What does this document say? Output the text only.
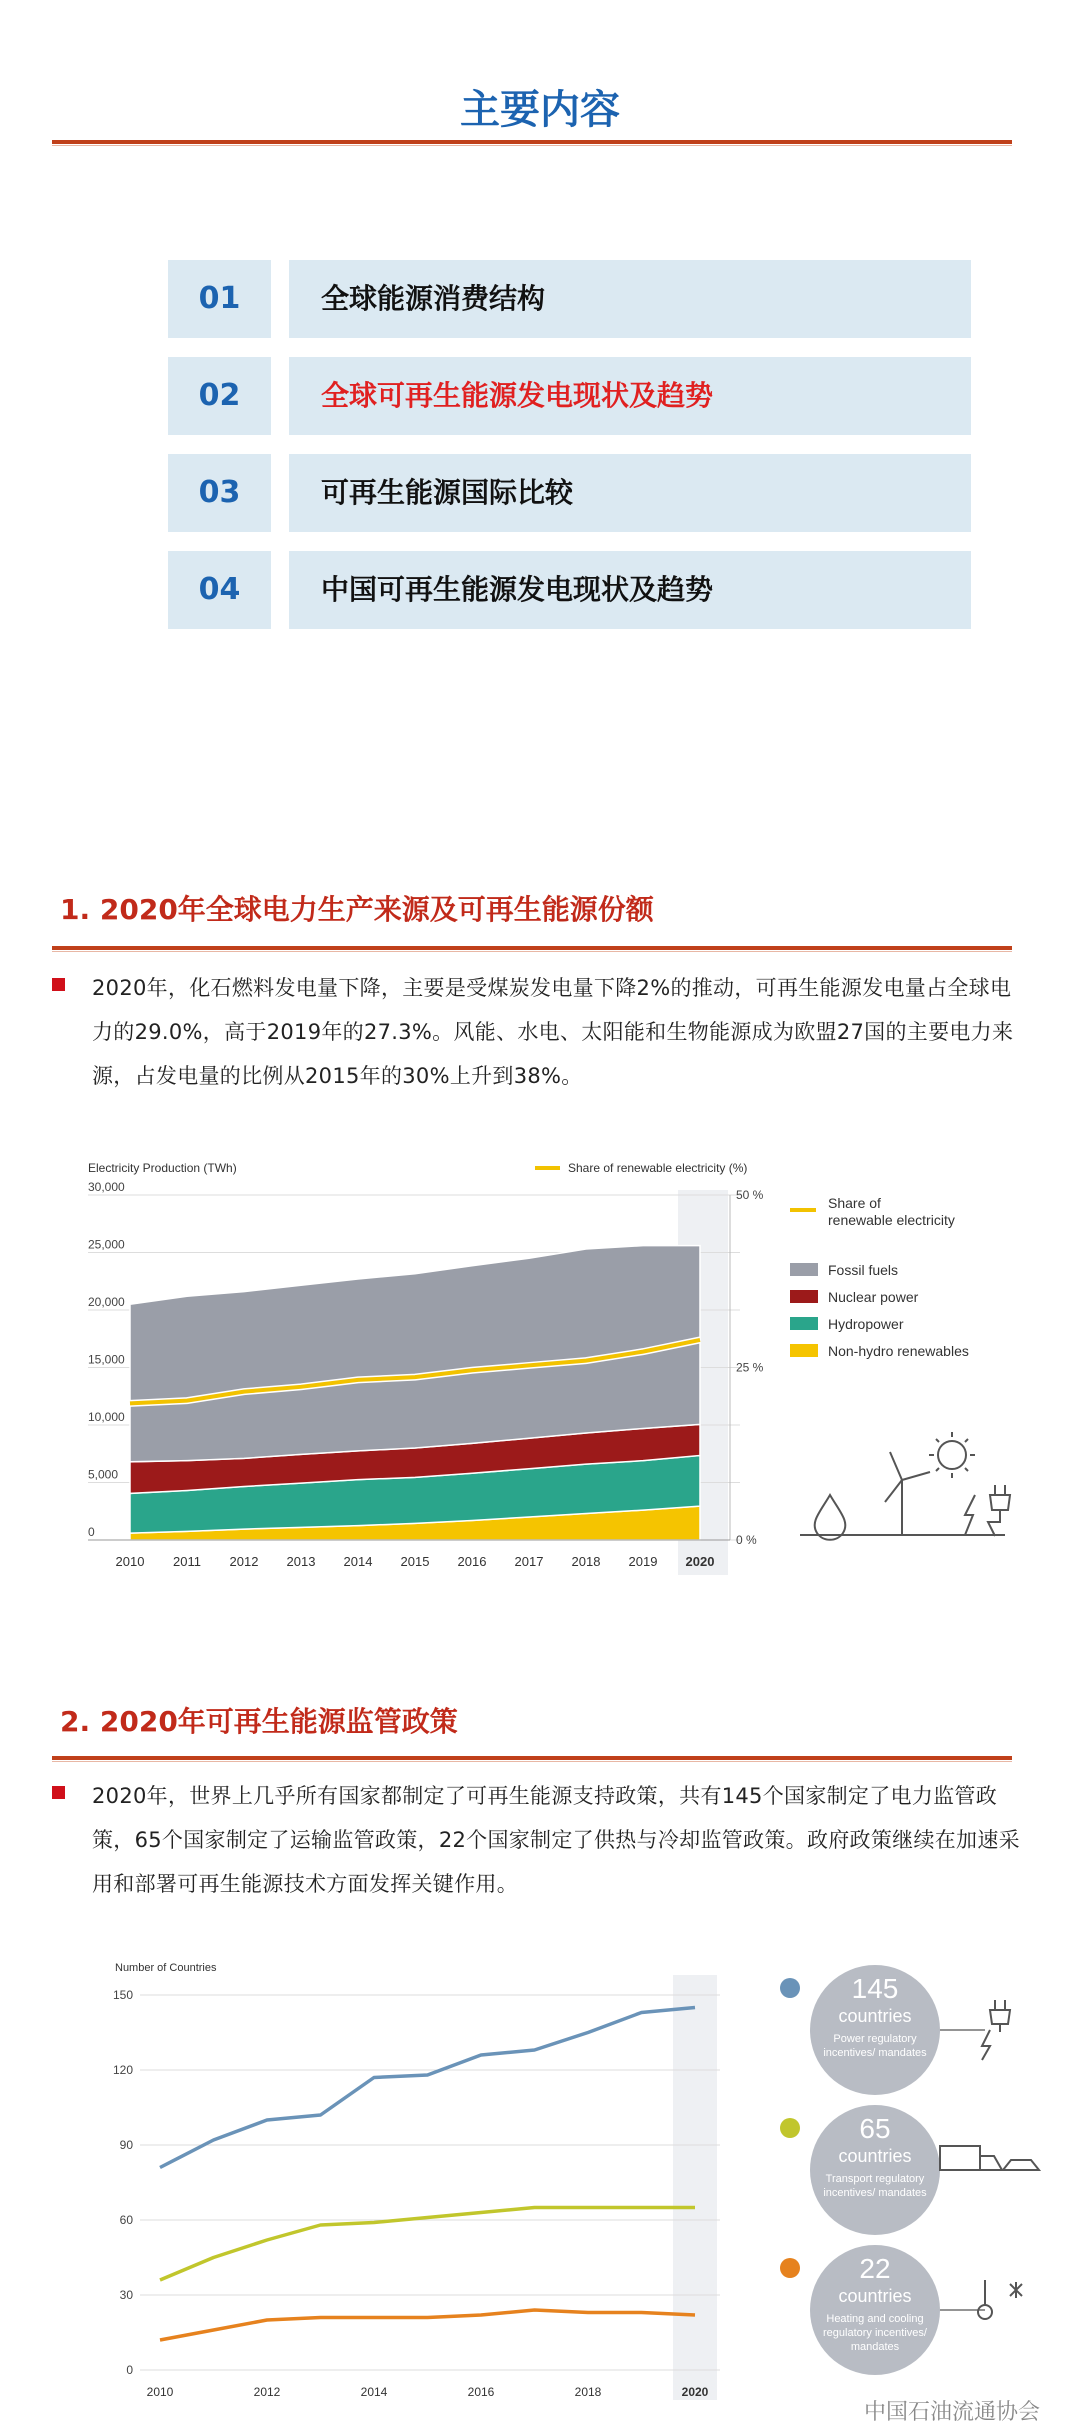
主要内容
01	全球能源消费结构
02	全球可再生能源发电现状及趋势
03	可再生能源国际比较
04	中国可再生能源发电现状及趋势
1. 2020年全球电力生产来源及可再生能源份额
2020年，化石燃料发电量下降，主要是受煤炭发电量下降2%的推动，可再生能源发电量占全球电力的29.0%，高于2019年的27.3%。风能、水电、太阳能和生物能源成为欧盟27国的主要电力来源，占发电量的比例从2015年的30%上升到38%。
Electricity Production (TWh)
0
5,000
10,000
15,000
20,000
25,000
30,000
0 %
25 %
50 %
2010 2011 2012 2013 2014 2015 2016 2017 2018 2019 2020
Share of renewable electricity (%)
Share of
renewable electricity
Fossil fuels
Nuclear power
Hydropower
Non-hydro renewables
2. 2020年可再生能源监管政策
2020年，世界上几乎所有国家都制定了可再生能源支持政策，共有145个国家制定了电力监管政策，65个国家制定了运输监管政策，22个国家制定了供热与冷却监管政策。政府政策继续在加速采用和部署可再生能源技术方面发挥关键作用。
Number of Countries
0
30
60
90
120
150
2010	2012	2014	2016	2018	2020
145
countries
Power regulatory
incentives/ mandates
65
countries
Transport regulatory
incentives/ mandates
22
countries
Heating and cooling
regulatory incentives/
mandates
中国石油流通协会
